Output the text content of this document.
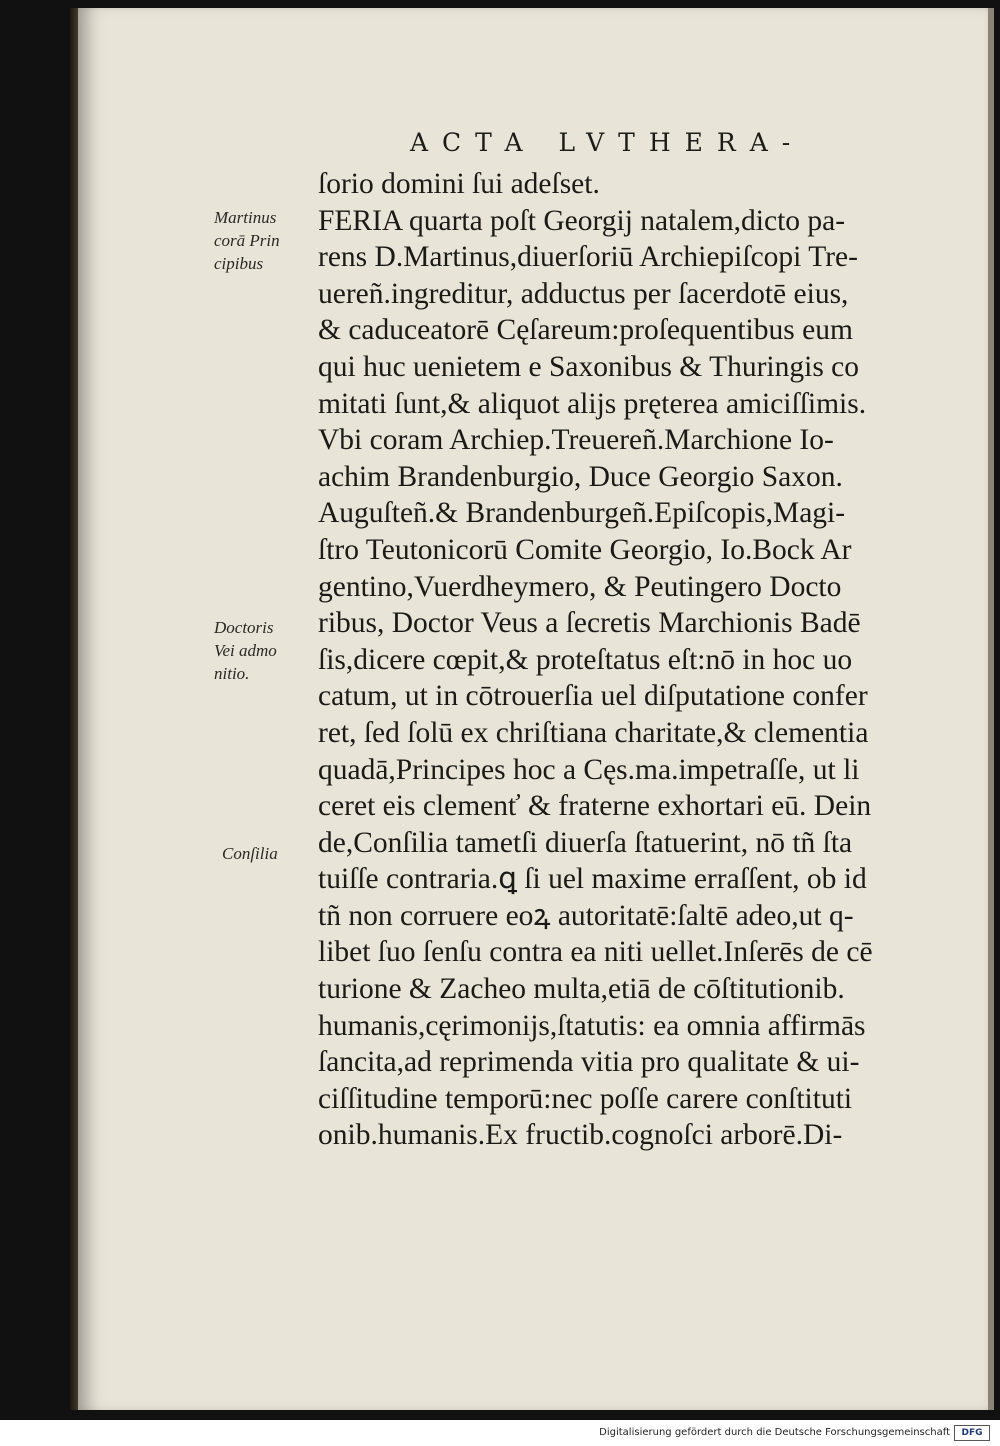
ACTA LVTHERA-
ſorio domini ſui adeſset.
FERIA quarta poſt Georgij natalem,dicto pa-
rens D.Martinus,diuerſoriū Archiepiſcopi Tre-
uereñ.ingreditur, adductus per ſacerdotē eius,
& caduceatorē Cęſareum:proſequentibus eum
qui huc uenietem e Saxonibus & Thuringis co
mitati ſunt,& aliquot alijs pręterea amiciſſimis.
Vbi coram Archiep.Treuereñ.Marchione Io-
achim Brandenburgio, Duce Georgio Saxon.
Auguſteñ.& Brandenburgeñ.Epiſcopis,Magi-
ſtro Teutonicorū Comite Georgio, Io.Bock Ar
gentino,Vuerdheymero, & Peutingero Docto
ribus, Doctor Veus a ſecretis Marchionis Badē
ſis,dicere cœpit,& proteſtatus eſt:nō in hoc uo
catum, ut in cōtrouerſia uel diſputatione confer
ret, ſed ſolū ex chriſtiana charitate,& clementia
quadā,Principes hoc a Cęs.ma.impetraſſe, ut li
ceret eis clemenť & fraterne exhortari eū. Dein
de,Conſilia tametſi diuerſa ſtatuerint, nō tñ ſta
tuiſſe contraria.ꝗ ſi uel maxime erraſſent, ob id
tñ non corruere eoꝝ autoritatē:ſaltē adeo,ut q-
libet ſuo ſenſu contra ea niti uellet.Inſerēs de cē
turione & Zacheo multa,etiā de cōſtitutionib.
humanis,cęrimonijs,ſtatutis: ea omnia affirmās
ſancita,ad reprimenda vitia pro qualitate & ui-
ciſſitudine temporū:nec poſſe carere conſtituti
onib.humanis.Ex fructib.cognoſci arborē.Di-
Martinus
corā Prin
cipibus
Doctoris
Vei admo
nitio.
Conſilia
Digitalisierung gefördert durch die Deutsche Forschungsgemeinschaft	DFG
